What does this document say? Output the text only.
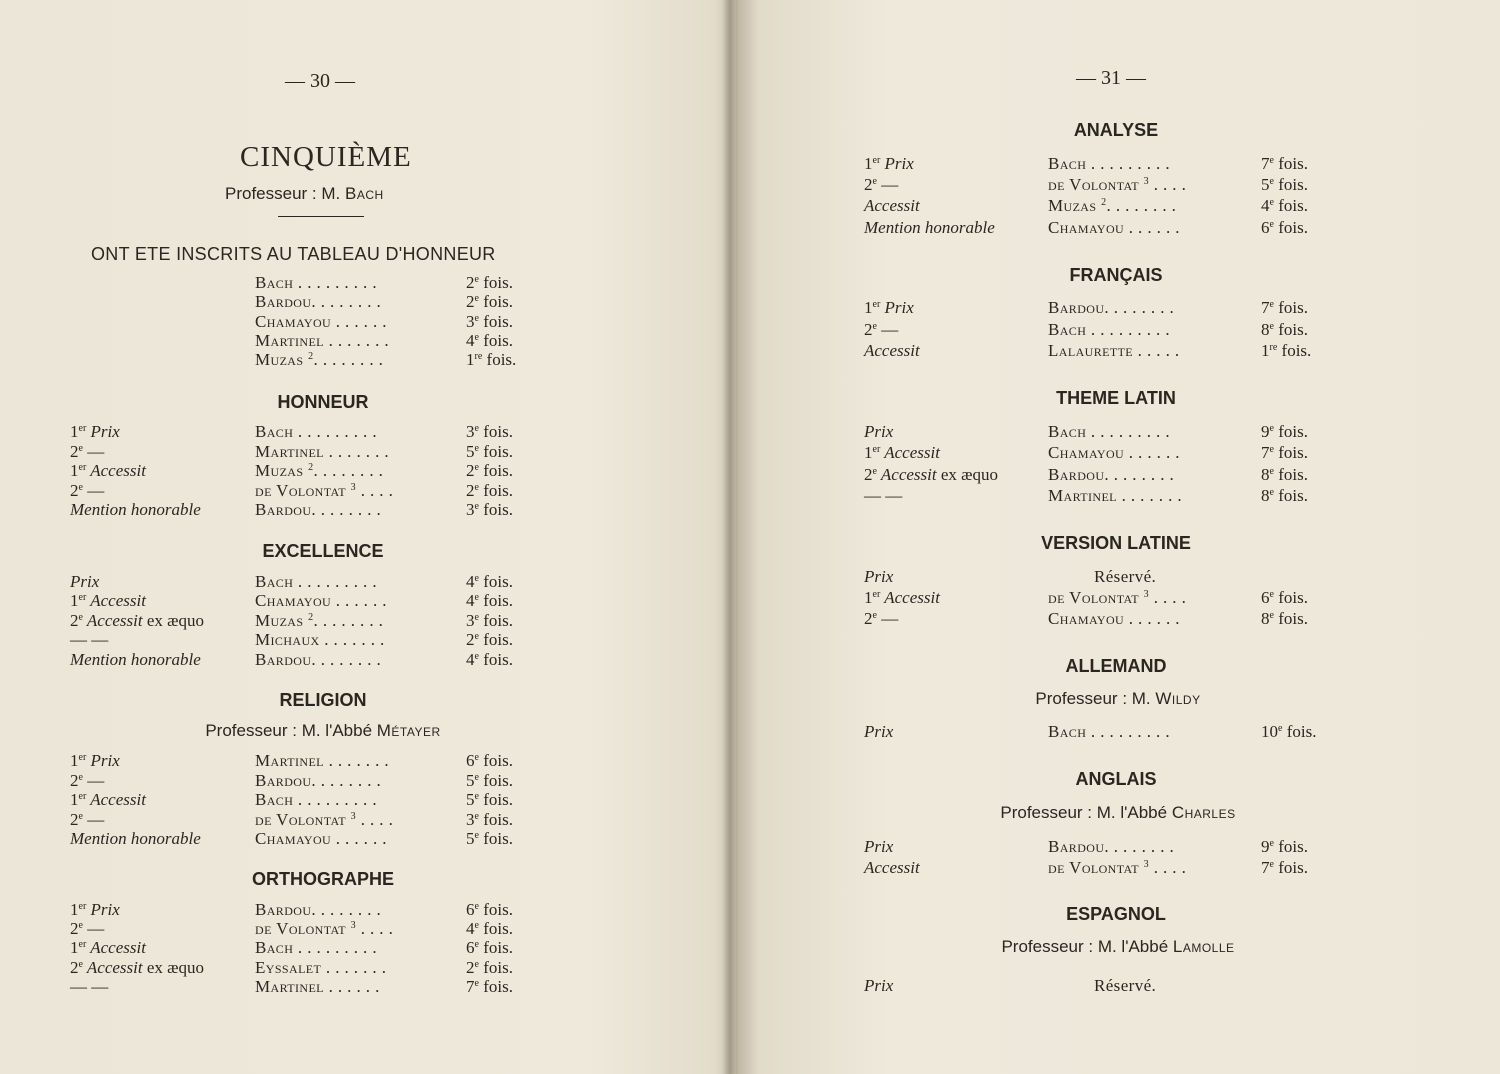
— 30 —
CINQUIÈME
Professeur : M. Bach
ONT ETE INSCRITS AU TABLEAU D'HONNEUR
Bach . . . . . . . . .	2e fois.
Bardou. . . . . . . .	2e fois.
Chamayou . . . . . .	3e fois.
Martinel . . . . . . .	4e fois.
Muzas $^2$. . . . . . . .	1re fois.
HONNEUR
1er Prix	Bach . . . . . . . . .	3e fois.
2e —	Martinel . . . . . . .	5e fois.
1er Accessit	Muzas $^2$. . . . . . . .	2e fois.
2e —	de Volontat $^3$ . . . .	2e fois.
Mention honorable	Bardou. . . . . . . .	3e fois.
EXCELLENCE
Prix	Bach . . . . . . . . .	4e fois.
1er Accessit	Chamayou . . . . . .	4e fois.
2e Accessit ex æquo	Muzas $^2$. . . . . . . .	3e fois.
— —	Michaux . . . . . . .	2e fois.
Mention honorable	Bardou. . . . . . . .	4e fois.
RELIGION
Professeur : M. l'Abbé Métayer
1er Prix	Martinel . . . . . . .	6e fois.
2e —	Bardou. . . . . . . .	5e fois.
1er Accessit	Bach . . . . . . . . .	5e fois.
2e —	de Volontat $^3$ . . . .	3e fois.
Mention honorable	Chamayou . . . . . .	5e fois.
ORTHOGRAPHE
1er Prix	Bardou. . . . . . . .	6e fois.
2e —	de Volontat $^3$ . . . .	4e fois.
1er Accessit	Bach . . . . . . . . .	6e fois.
2e Accessit ex æquo	Eyssalet . . . . . . .	2e fois.
— —	Martinel . . . . . .	7e fois.
— 31 —
ANALYSE
1er Prix	Bach . . . . . . . . .	7e fois.
2e —	de Volontat $^3$ . . . .	5e fois.
Accessit	Muzas $^2$. . . . . . . .	4e fois.
Mention honorable	Chamayou . . . . . .	6e fois.
FRANÇAIS
1er Prix	Bardou. . . . . . . .	7e fois.
2e —	Bach . . . . . . . . .	8e fois.
Accessit	Lalaurette . . . . .	1re fois.
THEME LATIN
Prix	Bach . . . . . . . . .	9e fois.
1er Accessit	Chamayou . . . . . .	7e fois.
2e Accessit ex æquo	Bardou. . . . . . . .	8e fois.
— —	Martinel . . . . . . .	8e fois.
VERSION LATINE
Prix	Réservé.
1er Accessit	de Volontat $^3$ . . . .	6e fois.
2e —	Chamayou . . . . . .	8e fois.
ALLEMAND
Professeur : M. Wildy
Prix	Bach . . . . . . . . .	10e fois.
ANGLAIS
Professeur : M. l'Abbé Charles
Prix	Bardou. . . . . . . .	9e fois.
Accessit	de Volontat $^3$ . . . .	7e fois.
ESPAGNOL
Professeur : M. l'Abbé Lamolle
Prix	Réservé.
